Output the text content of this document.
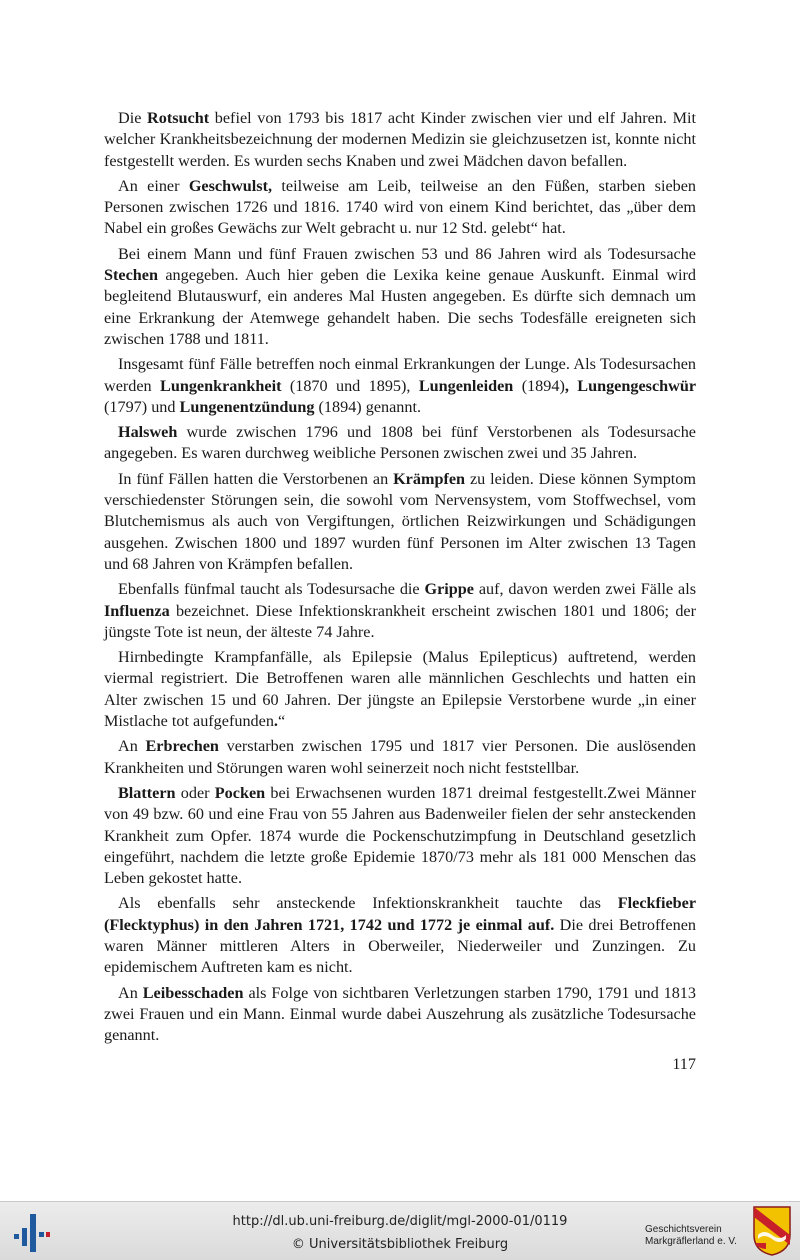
Die Rotsucht befiel von 1793 bis 1817 acht Kinder zwischen vier und elf Jahren. Mit welcher Krankheitsbezeichnung der modernen Medizin sie gleichzusetzen ist, konnte nicht festgestellt werden. Es wurden sechs Knaben und zwei Mädchen davon befallen.

An einer Geschwulst, teilweise am Leib, teilweise an den Füßen, starben sieben Personen zwischen 1726 und 1816. 1740 wird von einem Kind berichtet, das „über dem Nabel ein großes Gewächs zur Welt gebracht u. nur 12 Std. gelebt“ hat.

Bei einem Mann und fünf Frauen zwischen 53 und 86 Jahren wird als Todesursache Stechen angegeben. Auch hier geben die Lexika keine genaue Auskunft. Einmal wird begleitend Blutauswurf, ein anderes Mal Husten angegeben. Es dürfte sich demnach um eine Erkrankung der Atemwege gehandelt haben. Die sechs Todesfälle ereigneten sich zwischen 1788 und 1811.

Insgesamt fünf Fälle betreffen noch einmal Erkrankungen der Lunge. Als Todesursachen werden Lungenkrankheit (1870 und 1895), Lungenleiden (1894), Lungengeschwür (1797) und Lungenentzündung (1894) genannt.

Halsweh wurde zwischen 1796 und 1808 bei fünf Verstorbenen als Todesursache angegeben. Es waren durchweg weibliche Personen zwischen zwei und 35 Jahren.

In fünf Fällen hatten die Verstorbenen an Krämpfen zu leiden. Diese können Symptom verschiedenster Störungen sein, die sowohl vom Nervensystem, vom Stoffwechsel, vom Blutchemismus als auch von Vergiftungen, örtlichen Reizwirkungen und Schädigungen ausgehen. Zwischen 1800 und 1897 wurden fünf Personen im Alter zwischen 13 Tagen und 68 Jahren von Krämpfen befallen.

Ebenfalls fünfmal taucht als Todesursache die Grippe auf, davon werden zwei Fälle als Influenza bezeichnet. Diese Infektionskrankheit erscheint zwischen 1801 und 1806; der jüngste Tote ist neun, der älteste 74 Jahre.

Hirnbedingte Krampfanfälle, als Epilepsie (Malus Epilepticus) auftretend, werden viermal registriert. Die Betroffenen waren alle männlichen Geschlechts und hatten ein Alter zwischen 15 und 60 Jahren. Der jüngste an Epilepsie Verstorbene wurde „in einer Mistlache tot aufgefunden.“

An Erbrechen verstarben zwischen 1795 und 1817 vier Personen. Die auslösenden Krankheiten und Störungen waren wohl seinerzeit noch nicht feststellbar.

Blattern oder Pocken bei Erwachsenen wurden 1871 dreimal festgestellt.Zwei Männer von 49 bzw. 60 und eine Frau von 55 Jahren aus Badenweiler fielen der sehr ansteckenden Krankheit zum Opfer. 1874 wurde die Pockenschutzimpfung in Deutschland gesetzlich eingeführt, nachdem die letzte große Epidemie 1870/73 mehr als 181 000 Menschen das Leben gekostet hatte.

Als ebenfalls sehr ansteckende Infektionskrankheit tauchte das Fleckfieber (Flecktyphus) in den Jahren 1721, 1742 und 1772 je einmal auf. Die drei Betroffenen waren Männer mittleren Alters in Oberweiler, Niederweiler und Zunzingen. Zu epidemischem Auftreten kam es nicht.

An Leibesschaden als Folge von sichtbaren Verletzungen starben 1790, 1791 und 1813 zwei Frauen und ein Mann. Einmal wurde dabei Auszehrung als zusätzliche Todesursache genannt.

117
http://dl.ub.uni-freiburg.de/diglit/mgl-2000-01/0119
© Universitätsbibliothek Freiburg
Geschichtsverein
Markgräflerland e. V.
